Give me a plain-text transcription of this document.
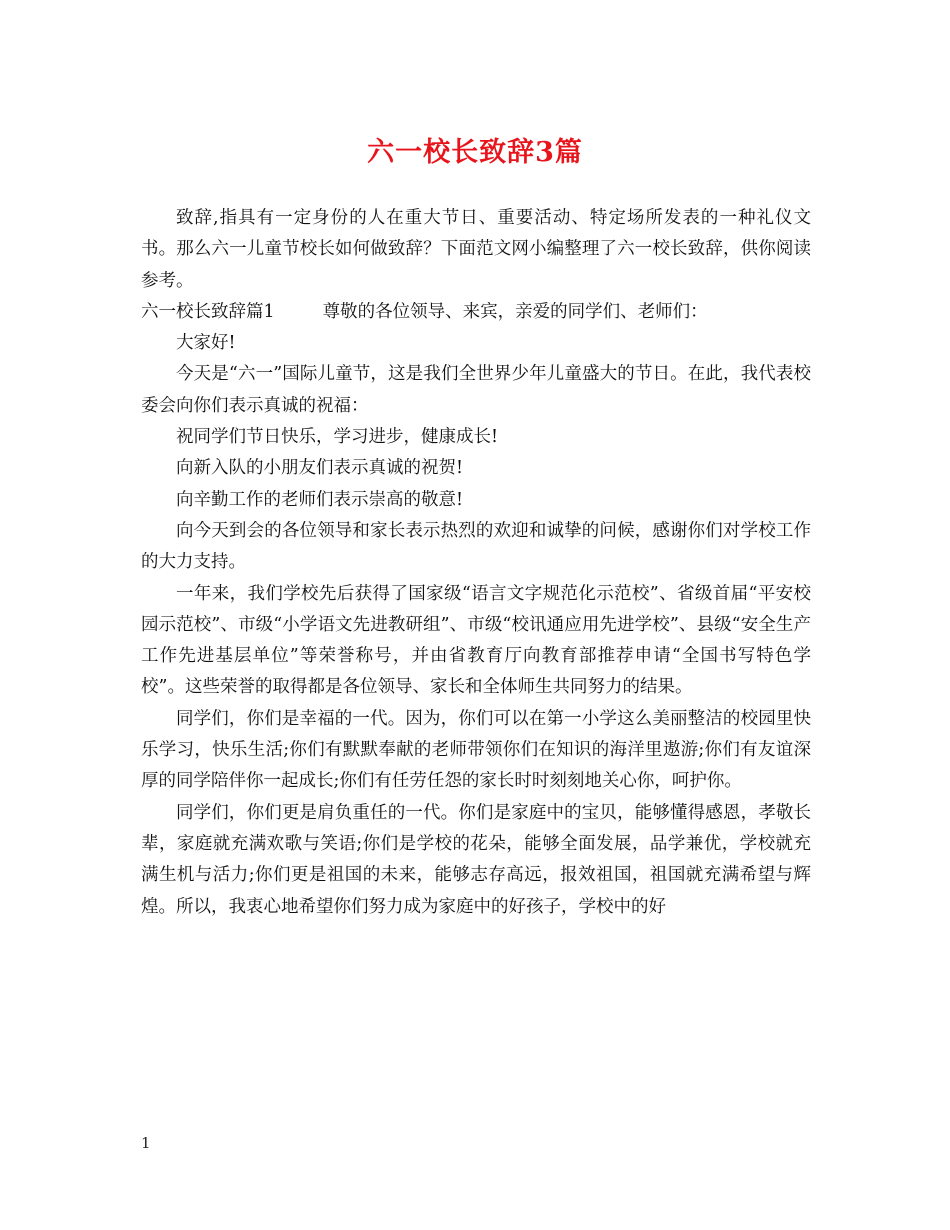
六一校长致辞3篇

致辞,指具有一定身份的人在重大节日、重要活动、特定场所发表的一种礼仪文书。那么六一儿童节校长如何做致辞？下面范文网小编整理了六一校长致辞，供你阅读参考。

六一校长致辞篇1	尊敬的各位领导、来宾，亲爱的同学们、老师们：

大家好!

今天是“六一”国际儿童节，这是我们全世界少年儿童盛大的节日。在此，我代表校委会向你们表示真诚的祝福：

祝同学们节日快乐，学习进步，健康成长!

向新入队的小朋友们表示真诚的祝贺!

向辛勤工作的老师们表示崇高的敬意!

向今天到会的各位领导和家长表示热烈的欢迎和诚挚的问候，感谢你们对学校工作的大力支持。

一年来，我们学校先后获得了国家级“语言文字规范化示范校”、省级首届“平安校园示范校”、市级“小学语文先进教研组”、市级“校讯通应用先进学校”、县级“安全生产工作先进基层单位”等荣誉称号，并由省教育厅向教育部推荐申请“全国书写特色学校”。这些荣誉的取得都是各位领导、家长和全体师生共同努力的结果。

同学们，你们是幸福的一代。因为，你们可以在第一小学这么美丽整洁的校园里快乐学习，快乐生活;你们有默默奉献的老师带领你们在知识的海洋里遨游;你们有友谊深厚的同学陪伴你一起成长;你们有任劳任怨的家长时时刻刻地关心你，呵护你。

同学们，你们更是肩负重任的一代。你们是家庭中的宝贝，能够懂得感恩，孝敬长辈，家庭就充满欢歌与笑语;你们是学校的花朵，能够全面发展，品学兼优，学校就充满生机与活力;你们更是祖国的未来，能够志存高远，报效祖国，祖国就充满希望与辉煌。所以，我衷心地希望你们努力成为家庭中的好孩子，学校中的好

1
